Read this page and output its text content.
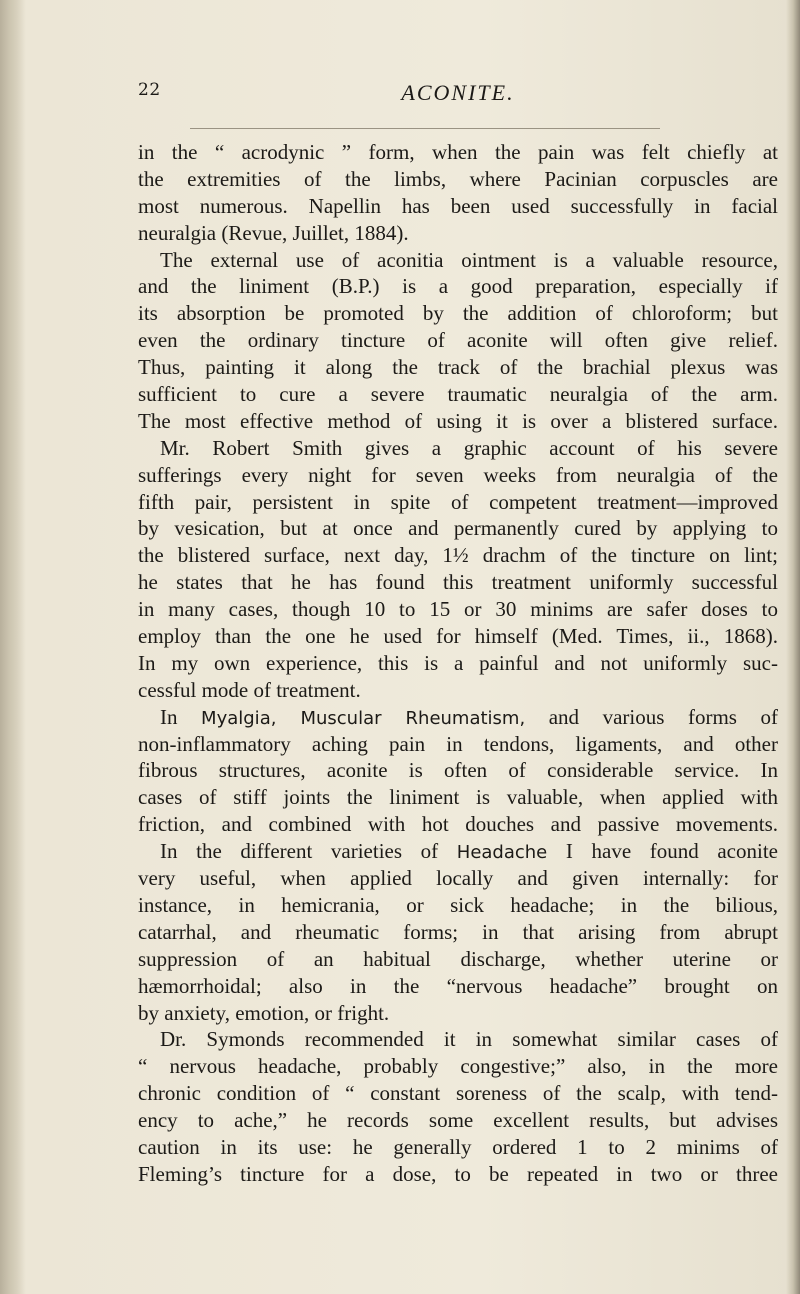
22	ACONITE.
in the “ acrodynic ” form, when the pain was felt chiefly at
the extremities of the limbs, where Pacinian corpuscles are
most numerous. Napellin has been used successfully in facial
neuralgia (Revue, Juillet, 1884).
The external use of aconitia ointment is a valuable resource,
and the liniment (B.P.) is a good preparation, especially if
its absorption be promoted by the addition of chloroform; but
even the ordinary tincture of aconite will often give relief.
Thus, painting it along the track of the brachial plexus was
sufficient to cure a severe traumatic neuralgia of the arm.
The most effective method of using it is over a blistered surface.
Mr. Robert Smith gives a graphic account of his severe
sufferings every night for seven weeks from neuralgia of the
fifth pair, persistent in spite of competent treatment—improved
by vesication, but at once and permanently cured by applying to
the blistered surface, next day, 1½ drachm of the tincture on lint;
he states that he has found this treatment uniformly successful
in many cases, though 10 to 15 or 30 minims are safer doses to
employ than the one he used for himself (Med. Times, ii., 1868).
In my own experience, this is a painful and not uniformly suc-
cessful mode of treatment.
In Myalgia, Muscular Rheumatism, and various forms of
non-inflammatory aching pain in tendons, ligaments, and other
fibrous structures, aconite is often of considerable service. In
cases of stiff joints the liniment is valuable, when applied with
friction, and combined with hot douches and passive movements.
In the different varieties of Headache I have found aconite
very useful, when applied locally and given internally: for
instance, in hemicrania, or sick headache; in the bilious,
catarrhal, and rheumatic forms; in that arising from abrupt
suppression of an habitual discharge, whether uterine or
hæmorrhoidal; also in the “nervous headache” brought on
by anxiety, emotion, or fright.
Dr. Symonds recommended it in somewhat similar cases of
“ nervous headache, probably congestive;” also, in the more
chronic condition of “ constant soreness of the scalp, with tend-
ency to ache,” he records some excellent results, but advises
caution in its use: he generally ordered 1 to 2 minims of
Fleming’s tincture for a dose, to be repeated in two or three
